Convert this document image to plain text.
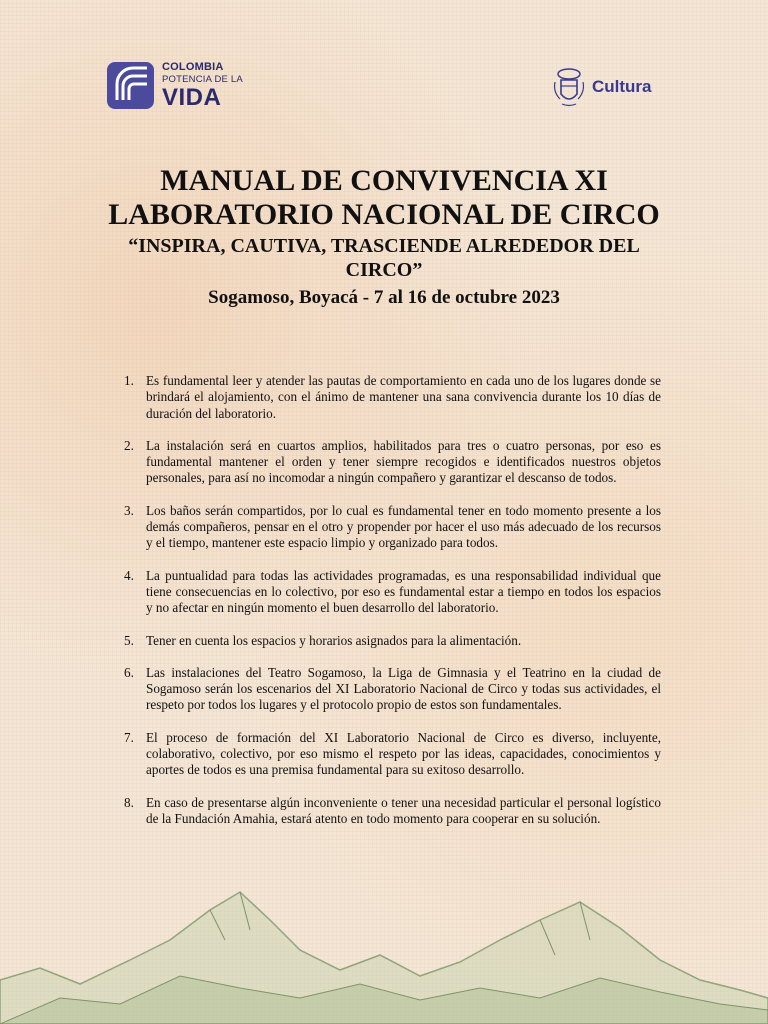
COLOMBIA
POTENCIA DE LA
VIDA	Cultura
MANUAL DE CONVIVENCIA XI LABORATORIO NACIONAL DE CIRCO
“INSPIRA, CAUTIVA, TRASCIENDE ALREDEDOR DEL CIRCO”
Sogamoso, Boyacá - 7 al 16 de octubre 2023
1. Es fundamental leer y atender las pautas de comportamiento en cada uno de los lugares donde se brindará el alojamiento, con el ánimo de mantener una sana convivencia durante los 10 días de duración del laboratorio.
2. La instalación será en cuartos amplios, habilitados para tres o cuatro personas, por eso es fundamental mantener el orden y tener siempre recogidos e identificados nuestros objetos personales, para así no incomodar a ningún compañero y garantizar el descanso de todos.
3. Los baños serán compartidos, por lo cual es fundamental tener en todo momento presente a los demás compañeros, pensar en el otro y propender por hacer el uso más adecuado de los recursos y el tiempo, mantener este espacio limpio y organizado para todos.
4. La puntualidad para todas las actividades programadas, es una responsabilidad individual que tiene consecuencias en lo colectivo, por eso es fundamental estar a tiempo en todos los espacios y no afectar en ningún momento el buen desarrollo del laboratorio.
5. Tener en cuenta los espacios y horarios asignados para la alimentación.
6. Las instalaciones del Teatro Sogamoso, la Liga de Gimnasia y el Teatrino en la ciudad de Sogamoso serán los escenarios del XI Laboratorio Nacional de Circo y todas sus actividades, el respeto por todos los lugares y el protocolo propio de estos son fundamentales.
7. El proceso de formación del XI Laboratorio Nacional de Circo es diverso, incluyente, colaborativo, colectivo, por eso mismo el respeto por las ideas, capacidades, conocimientos y aportes de todos es una premisa fundamental para su exitoso desarrollo.
8. En caso de presentarse algún inconveniente o tener una necesidad particular el personal logístico de la Fundación Amahia, estará atento en todo momento para cooperar en su solución.
